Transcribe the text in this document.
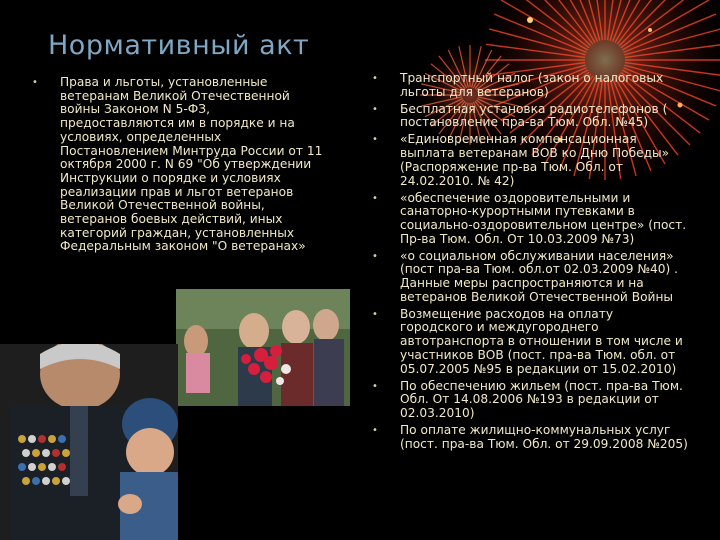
Нормативный акт
• Права и льготы, установленные ветеранам Великой Отечественной войны Законом N 5-ФЗ, предоставляются им в порядке и на условиях, определенных Постановлением Минтруда России от 11 октября 2000 г. N 69 "Об утверждении Инструкции о порядке и условиях реализации прав и льгот ветеранов Великой Отечественной войны, ветеранов боевых действий, иных категорий граждан, установленных Федеральным законом "О ветеранах»
• Транспортный налог (закон о налоговых льготы для ветеранов)
• Бесплатная установка радиотелефонов ( постановление пра-ва Тюм. Обл. №45)
• «Единовременная компенсационная выплата ветеранам ВОВ ко Дню Победы» (Распоряжение пр-ва Тюм. Обл. от 24.02.2010. № 42)
• «обеспечение оздоровительными и санаторно-курортными путевками в социально-оздоровительном центре» (пост. Пр-ва Тюм. Обл. От 10.03.2009 №73)
• «о социальном обслуживании населения» (пост пра-ва Тюм. обл.от 02.03.2009 №40) . Данные меры распространяются и на ветеранов Великой Отечественной Войны
• Возмещение расходов на оплату городского и междугороднего автотранспорта в отношении в том числе и участников ВОВ (пост. пра-ва Тюм. обл. от 05.07.2005 №95 в редакции от 15.02.2010)
• По обеспечению жильем (пост. пра-ва Тюм. Обл. От 14.08.2006 №193 в редакции от 02.03.2010)
• По оплате жилищно-коммунальных услуг (пост. пра-ва Тюм. Обл. от 29.09.2008 №205)
